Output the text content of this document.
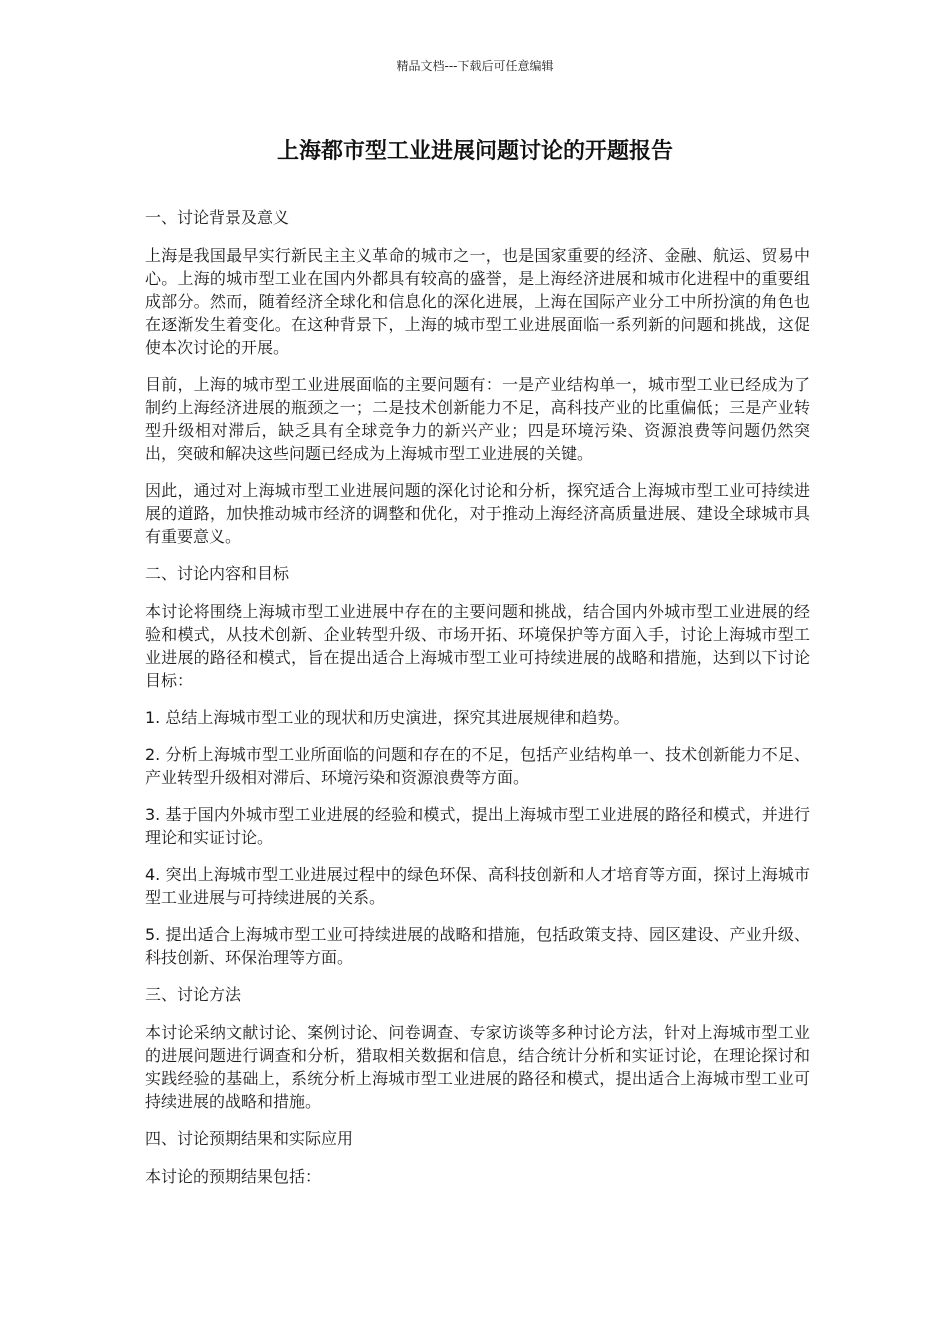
精品文档---下载后可任意编辑
上海都市型工业进展问题讨论的开题报告

一、讨论背景及意义

上海是我国最早实行新民主主义革命的城市之一，也是国家重要的经济、金融、航运、贸易中心。上海的城市型工业在国内外都具有较高的盛誉，是上海经济进展和城市化进程中的重要组成部分。然而，随着经济全球化和信息化的深化进展，上海在国际产业分工中所扮演的角色也在逐渐发生着变化。在这种背景下，上海的城市型工业进展面临一系列新的问题和挑战，这促使本次讨论的开展。

目前，上海的城市型工业进展面临的主要问题有：一是产业结构单一，城市型工业已经成为了制约上海经济进展的瓶颈之一；二是技术创新能力不足，高科技产业的比重偏低；三是产业转型升级相对滞后，缺乏具有全球竞争力的新兴产业；四是环境污染、资源浪费等问题仍然突出，突破和解决这些问题已经成为上海城市型工业进展的关键。

因此，通过对上海城市型工业进展问题的深化讨论和分析，探究适合上海城市型工业可持续进展的道路，加快推动城市经济的调整和优化，对于推动上海经济高质量进展、建设全球城市具有重要意义。

二、讨论内容和目标

本讨论将围绕上海城市型工业进展中存在的主要问题和挑战，结合国内外城市型工业进展的经验和模式，从技术创新、企业转型升级、市场开拓、环境保护等方面入手，讨论上海城市型工业进展的路径和模式，旨在提出适合上海城市型工业可持续进展的战略和措施，达到以下讨论目标：

1. 总结上海城市型工业的现状和历史演进，探究其进展规律和趋势。

2. 分析上海城市型工业所面临的问题和存在的不足，包括产业结构单一、技术创新能力不足、产业转型升级相对滞后、环境污染和资源浪费等方面。

3. 基于国内外城市型工业进展的经验和模式，提出上海城市型工业进展的路径和模式，并进行理论和实证讨论。

4. 突出上海城市型工业进展过程中的绿色环保、高科技创新和人才培育等方面，探讨上海城市型工业进展与可持续进展的关系。

5. 提出适合上海城市型工业可持续进展的战略和措施，包括政策支持、园区建设、产业升级、科技创新、环保治理等方面。

三、讨论方法

本讨论采纳文献讨论、案例讨论、问卷调查、专家访谈等多种讨论方法，针对上海城市型工业的进展问题进行调查和分析，猎取相关数据和信息，结合统计分析和实证讨论，在理论探讨和实践经验的基础上，系统分析上海城市型工业进展的路径和模式，提出适合上海城市型工业可持续进展的战略和措施。

四、讨论预期结果和实际应用

本讨论的预期结果包括：
